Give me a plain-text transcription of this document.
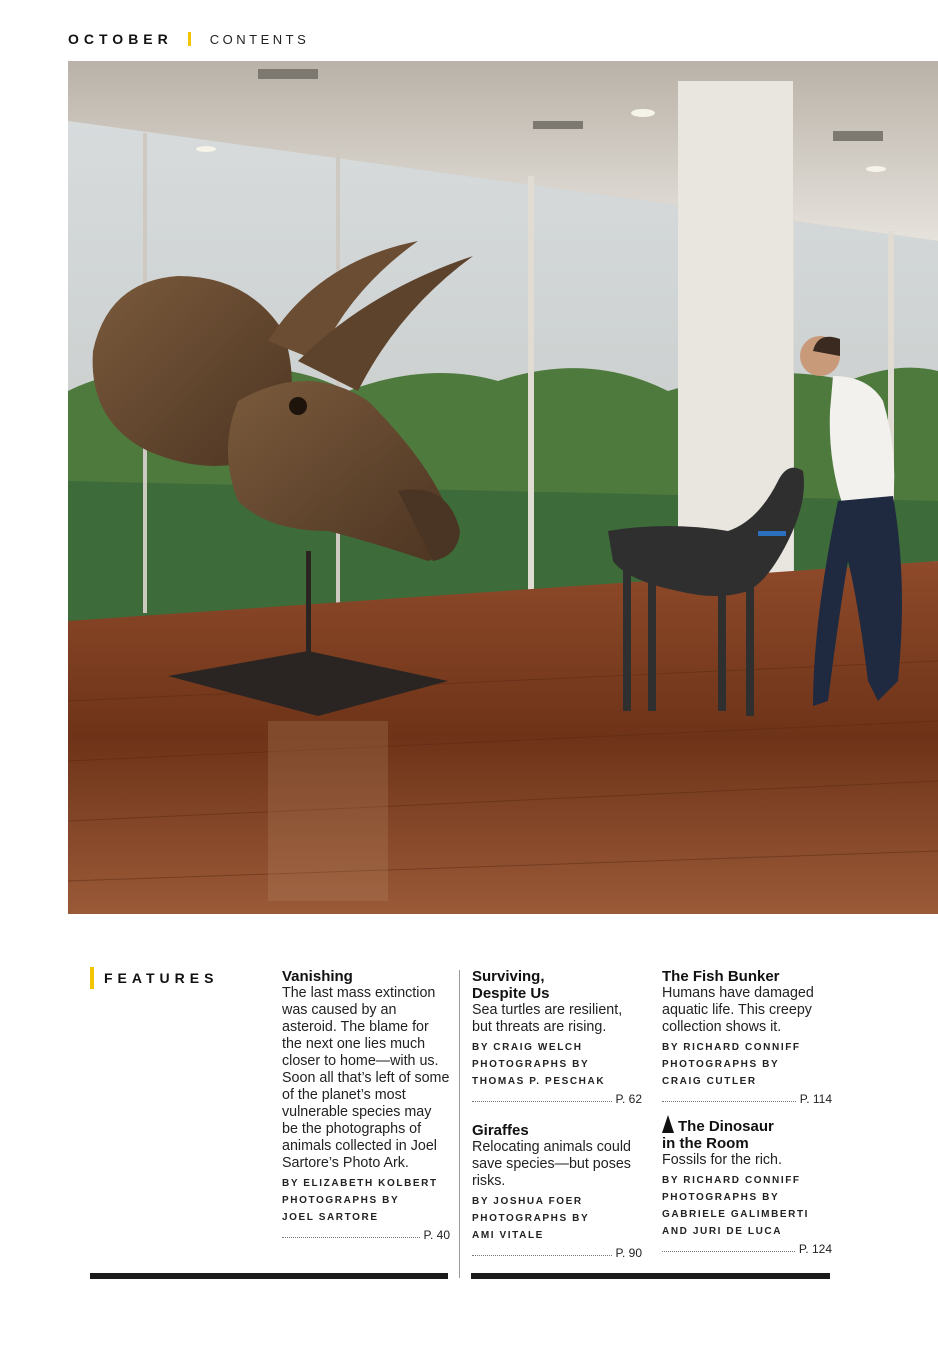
OCTOBER	CONTENTS
FEATURES	Vanishing
The last mass extinction was caused by an asteroid. The blame for the next one lies much closer to home—with us. Soon all that’s left of some of the planet’s most vulnerable species may be the photographs of animals collected in Joel Sartore’s Photo Ark.
BY ELIZABETH KOLBERT
PHOTOGRAPHS BY
JOEL SARTORE
P. 40
Surviving,
Despite Us
Sea turtles are resilient, but threats are rising.
BY CRAIG WELCH
PHOTOGRAPHS BY
THOMAS P. PESCHAK
P. 62
Giraffes
Relocating animals could save species—but poses risks.
BY JOSHUA FOER
PHOTOGRAPHS BY
AMI VITALE
P. 90
The Fish Bunker
Humans have damaged aquatic life. This creepy collection shows it.
BY RICHARD CONNIFF
PHOTOGRAPHS BY
CRAIG CUTLER
P. 114
The Dinosaur
in the Room
Fossils for the rich.
BY RICHARD CONNIFF
PHOTOGRAPHS BY
GABRIELE GALIMBERTI
AND JURI DE LUCA
P. 124
